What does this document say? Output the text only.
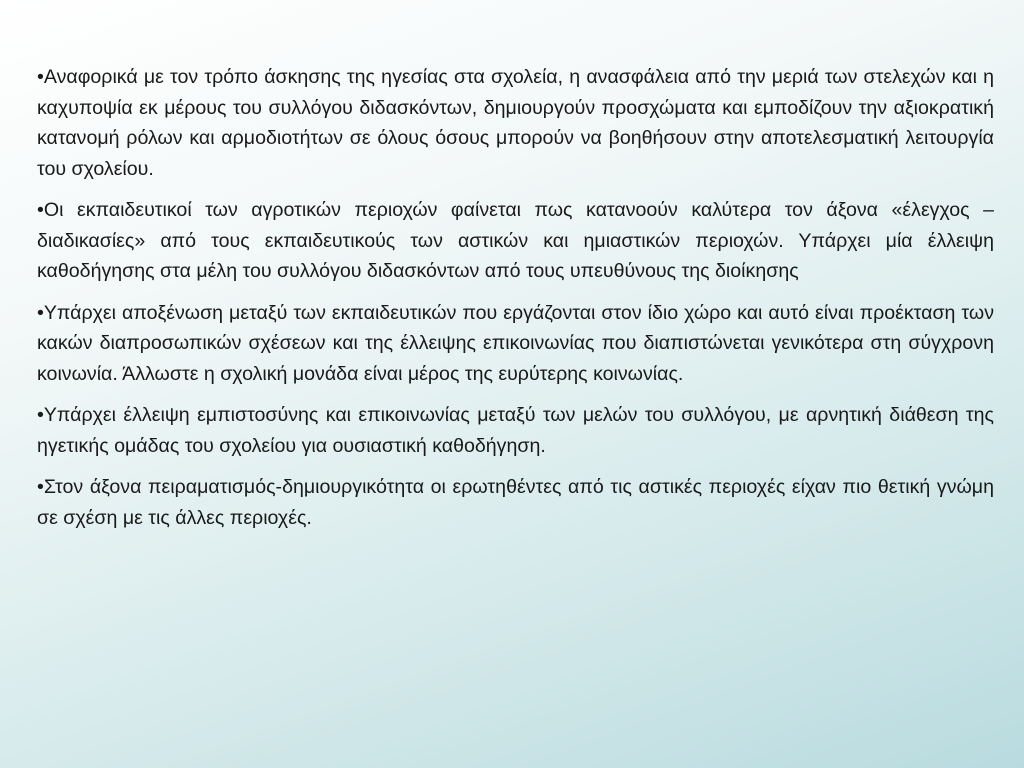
•Αναφορικά με τον τρόπο άσκησης της ηγεσίας στα σχολεία, η ανασφάλεια από την μεριά των στελεχών και η καχυποψία εκ μέρους του συλλόγου διδασκόντων, δημιουργούν προσχώματα και εμποδίζουν την αξιοκρατική κατανομή ρόλων και αρμοδιοτήτων σε όλους όσους μπορούν να βοηθήσουν στην αποτελεσματική λειτουργία του σχολείου.

•Οι εκπαιδευτικοί των αγροτικών περιοχών φαίνεται πως κατανοούν καλύτερα τον άξονα «έλεγχος – διαδικασίες» από τους εκπαιδευτικούς των αστικών και ημιαστικών περιοχών. Υπάρχει μία έλλειψη καθοδήγησης στα μέλη του συλλόγου διδασκόντων από τους υπευθύνους της διοίκησης

•Υπάρχει αποξένωση μεταξύ των εκπαιδευτικών που εργάζονται στον ίδιο χώρο και αυτό είναι προέκταση των κακών διαπροσωπικών σχέσεων και της έλλειψης επικοινωνίας που διαπιστώνεται γενικότερα στη σύγχρονη κοινωνία. Άλλωστε η σχολική μονάδα είναι μέρος της ευρύτερης κοινωνίας.

•Υπάρχει έλλειψη εμπιστοσύνης και επικοινωνίας μεταξύ των μελών του συλλόγου, με αρνητική διάθεση της ηγετικής ομάδας του σχολείου για ουσιαστική καθοδήγηση.

•Στον άξονα πειραματισμός-δημιουργικότητα οι ερωτηθέντες από τις αστικές περιοχές είχαν πιο θετική γνώμη σε σχέση με τις άλλες περιοχές.
